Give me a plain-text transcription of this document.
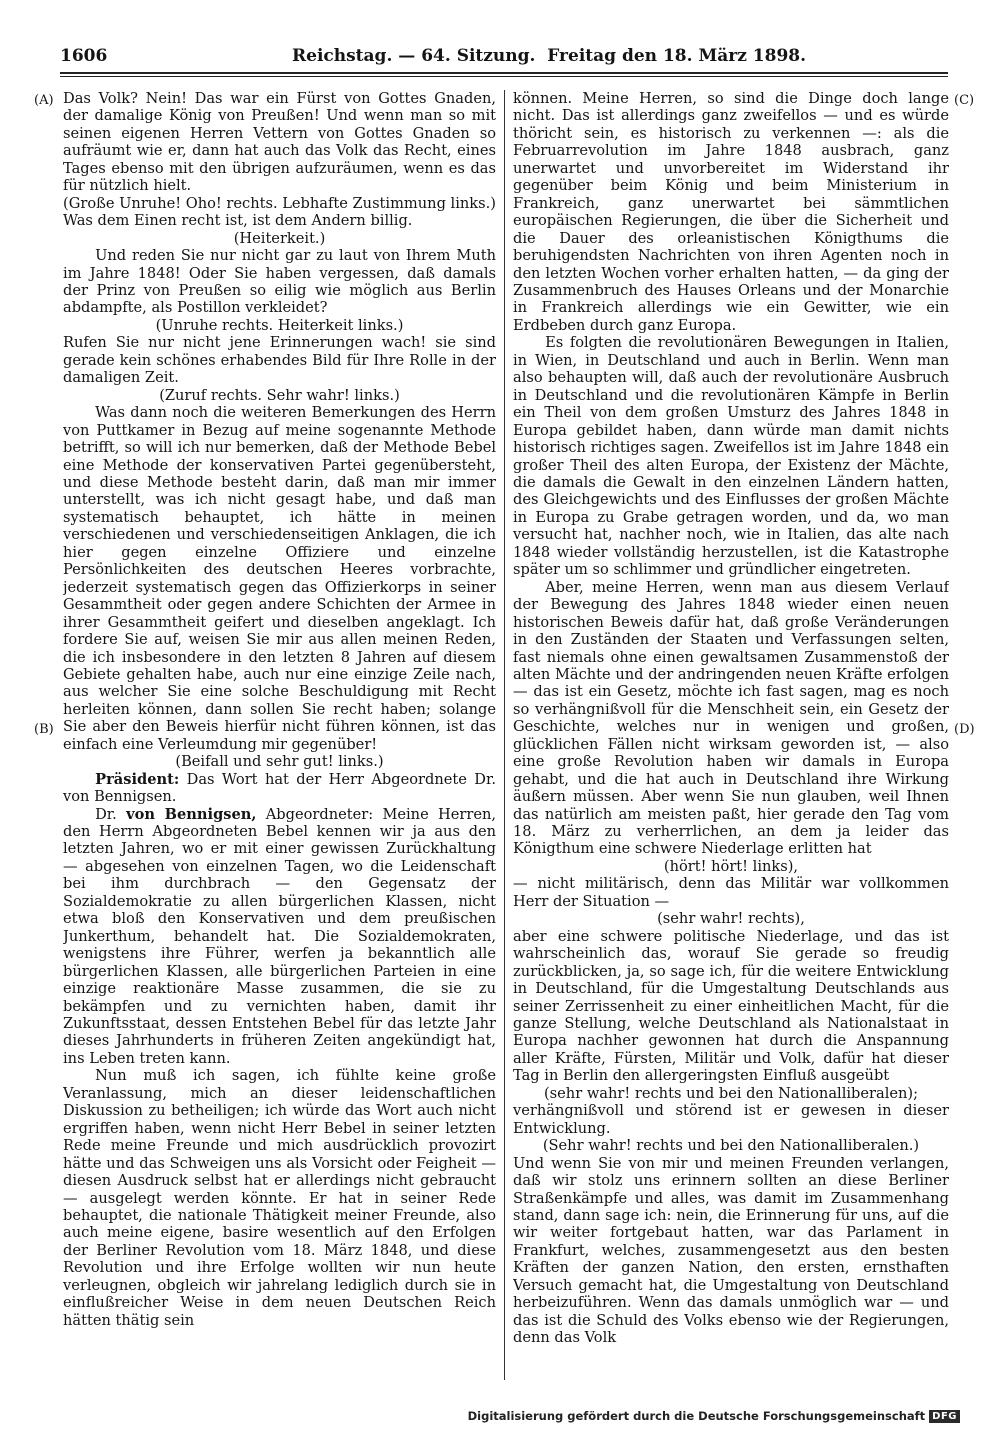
1606	Reichstag. — 64. Sitzung.  Freitag den 18. März 1898.
(A)
(B)
(C)
(D)

Das Volk? Nein! Das war ein Fürst von Gottes Gnaden, der damalige König von Preußen! Und wenn man so mit seinen eigenen Herren Vettern von Gottes Gnaden so aufräumt wie er, dann hat auch das Volk das Recht, eines Tages ebenso mit den übrigen aufzuräumen, wenn es das für nützlich hielt.

(Große Unruhe! Oho! rechts. Lebhafte Zustimmung links.)

Was dem Einen recht ist, ist dem Andern billig.

(Heiterkeit.)

Und reden Sie nur nicht gar zu laut von Ihrem Muth im Jahre 1848! Oder Sie haben vergessen, daß damals der Prinz von Preußen so eilig wie möglich aus Berlin abdampfte, als Postillon verkleidet?

(Unruhe rechts. Heiterkeit links.)

Rufen Sie nur nicht jene Erinnerungen wach! sie sind gerade kein schönes erhabendes Bild für Ihre Rolle in der damaligen Zeit.

(Zuruf rechts. Sehr wahr! links.)

Was dann noch die weiteren Bemerkungen des Herrn von Puttkamer in Bezug auf meine sogenannte Methode betrifft, so will ich nur bemerken, daß der Methode Bebel eine Methode der konservativen Partei gegenübersteht, und diese Methode besteht darin, daß man mir immer unterstellt, was ich nicht gesagt habe, und daß man systematisch behauptet, ich hätte in meinen verschiedenen und verschiedenseitigen Anklagen, die ich hier gegen einzelne Offiziere und einzelne Persönlichkeiten des deutschen Heeres vorbrachte, jederzeit systematisch gegen das Offizierkorps in seiner Gesammtheit oder gegen andere Schichten der Armee in ihrer Gesammtheit geifert und dieselben angeklagt. Ich fordere Sie auf, weisen Sie mir aus allen meinen Reden, die ich insbesondere in den letzten 8 Jahren auf diesem Gebiete gehalten habe, auch nur eine einzige Zeile nach, aus welcher Sie eine solche Beschuldigung mit Recht herleiten können, dann sollen Sie recht haben; solange Sie aber den Beweis hierfür nicht führen können, ist das einfach eine Verleumdung mir gegenüber!

(Beifall und sehr gut! links.)

Präsident: Das Wort hat der Herr Abgeordnete Dr. von Bennigsen.

Dr. von Bennigsen, Abgeordneter: Meine Herren, den Herrn Abgeordneten Bebel kennen wir ja aus den letzten Jahren, wo er mit einer gewissen Zurückhaltung — abgesehen von einzelnen Tagen, wo die Leidenschaft bei ihm durchbrach — den Gegensatz der Sozialdemokratie zu allen bürgerlichen Klassen, nicht etwa bloß den Konservativen und dem preußischen Junkerthum, behandelt hat. Die Sozialdemokraten, wenigstens ihre Führer, werfen ja bekanntlich alle bürgerlichen Klassen, alle bürgerlichen Parteien in eine einzige reaktionäre Masse zusammen, die sie zu bekämpfen und zu vernichten haben, damit ihr Zukunftsstaat, dessen Entstehen Bebel für das letzte Jahr dieses Jahrhunderts in früheren Zeiten angekündigt hat, ins Leben treten kann.

Nun muß ich sagen, ich fühlte keine große Veranlassung, mich an dieser leidenschaftlichen Diskussion zu betheiligen; ich würde das Wort auch nicht ergriffen haben, wenn nicht Herr Bebel in seiner letzten Rede meine Freunde und mich ausdrücklich provozirt hätte und das Schweigen uns als Vorsicht oder Feigheit — diesen Ausdruck selbst hat er allerdings nicht gebraucht — ausgelegt werden könnte. Er hat in seiner Rede behauptet, die nationale Thätigkeit meiner Freunde, also auch meine eigene, basire wesentlich auf den Erfolgen der Berliner Revolution vom 18. März 1848, und diese Revolution und ihre Erfolge wollten wir nun heute verleugnen, obgleich wir jahrelang lediglich durch sie in einflußreicher Weise in dem neuen Deutschen Reich hätten thätig sein

können. Meine Herren, so sind die Dinge doch lange nicht. Das ist allerdings ganz zweifellos — und es würde thöricht sein, es historisch zu verkennen —: als die Februarrevolution im Jahre 1848 ausbrach, ganz unerwartet und unvorbereitet im Widerstand ihr gegenüber beim König und beim Ministerium in Frankreich, ganz unerwartet bei sämmtlichen europäischen Regierungen, die über die Sicherheit und die Dauer des orleanistischen Königthums die beruhigendsten Nachrichten von ihren Agenten noch in den letzten Wochen vorher erhalten hatten, — da ging der Zusammenbruch des Hauses Orleans und der Monarchie in Frankreich allerdings wie ein Gewitter, wie ein Erdbeben durch ganz Europa.

Es folgten die revolutionären Bewegungen in Italien, in Wien, in Deutschland und auch in Berlin. Wenn man also behaupten will, daß auch der revolutionäre Ausbruch in Deutschland und die revolutionären Kämpfe in Berlin ein Theil von dem großen Umsturz des Jahres 1848 in Europa gebildet haben, dann würde man damit nichts historisch richtiges sagen. Zweifellos ist im Jahre 1848 ein großer Theil des alten Europa, der Existenz der Mächte, die damals die Gewalt in den einzelnen Ländern hatten, des Gleichgewichts und des Einflusses der großen Mächte in Europa zu Grabe getragen worden, und da, wo man versucht hat, nachher noch, wie in Italien, das alte nach 1848 wieder vollständig herzustellen, ist die Katastrophe später um so schlimmer und gründlicher eingetreten.

Aber, meine Herren, wenn man aus diesem Verlauf der Bewegung des Jahres 1848 wieder einen neuen historischen Beweis dafür hat, daß große Veränderungen in den Zuständen der Staaten und Verfassungen selten, fast niemals ohne einen gewaltsamen Zusammenstoß der alten Mächte und der andringenden neuen Kräfte erfolgen — das ist ein Gesetz, möchte ich fast sagen, mag es noch so verhängnißvoll für die Menschheit sein, ein Gesetz der Geschichte, welches nur in wenigen und großen, glücklichen Fällen nicht wirksam geworden ist, — also eine große Revolution haben wir damals in Europa gehabt, und die hat auch in Deutschland ihre Wirkung äußern müssen. Aber wenn Sie nun glauben, weil Ihnen das natürlich am meisten paßt, hier gerade den Tag vom 18. März zu verherrlichen, an dem ja leider das Königthum eine schwere Niederlage erlitten hat

(hört! hört! links),

— nicht militärisch, denn das Militär war vollkommen Herr der Situation —

(sehr wahr! rechts),

aber eine schwere politische Niederlage, und das ist wahrscheinlich das, worauf Sie gerade so freudig zurückblicken, ja, so sage ich, für die weitere Entwicklung in Deutschland, für die Umgestaltung Deutschlands aus seiner Zerrissenheit zu einer einheitlichen Macht, für die ganze Stellung, welche Deutschland als Nationalstaat in Europa nachher gewonnen hat durch die Anspannung aller Kräfte, Fürsten, Militär und Volk, dafür hat dieser Tag in Berlin den allergeringsten Einfluß ausgeübt

(sehr wahr! rechts und bei den Nationalliberalen);

verhängnißvoll und störend ist er gewesen in dieser Entwicklung.

(Sehr wahr! rechts und bei den Nationalliberalen.)

Und wenn Sie von mir und meinen Freunden verlangen, daß wir stolz uns erinnern sollten an diese Berliner Straßenkämpfe und alles, was damit im Zusammenhang stand, dann sage ich: nein, die Erinnerung für uns, auf die wir weiter fortgebaut hatten, war das Parlament in Frankfurt, welches, zusammengesetzt aus den besten Kräften der ganzen Nation, den ersten, ernsthaften Versuch gemacht hat, die Umgestaltung von Deutschland herbeizuführen. Wenn das damals unmöglich war — und das ist die Schuld des Volks ebenso wie der Regierungen, denn das Volk

Digitalisierung gefördert durch die Deutsche Forschungsgemeinschaft DFG
